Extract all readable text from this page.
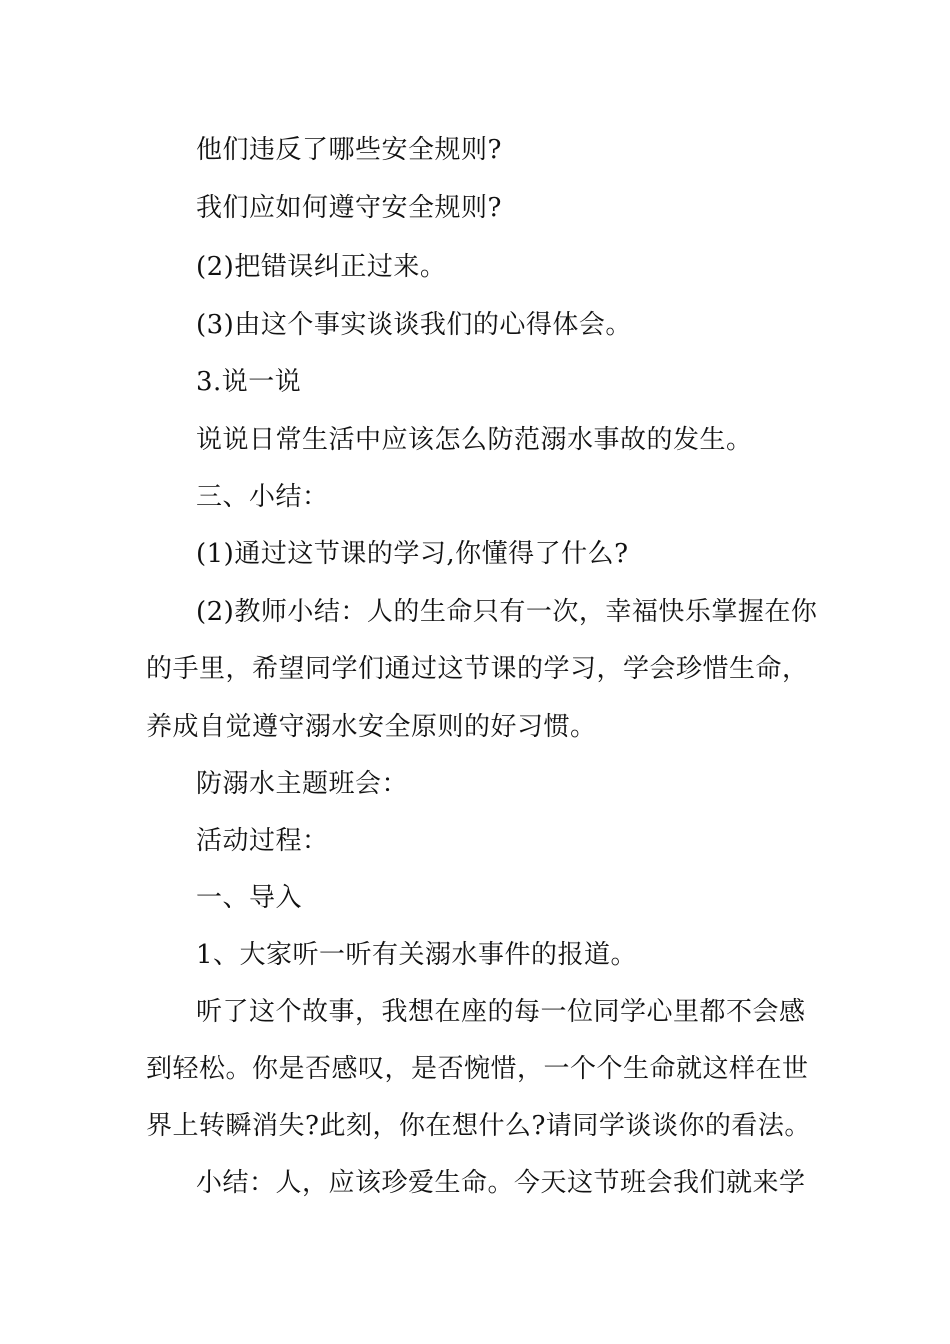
他们违反了哪些安全规则?
我们应如何遵守安全规则?
(2)把错误纠正过来。
(3)由这个事实谈谈我们的心得体会。
3.说一说
说说日常生活中应该怎么防范溺水事故的发生。
三、小结：
(1)通过这节课的学习,你懂得了什么?
(2)教师小结：人的生命只有一次，幸福快乐掌握在你
的手里，希望同学们通过这节课的学习，学会珍惜生命，
养成自觉遵守溺水安全原则的好习惯。
防溺水主题班会：
活动过程：
一、导入
1、大家听一听有关溺水事件的报道。
听了这个故事，我想在座的每一位同学心里都不会感
到轻松。你是否感叹，是否惋惜，一个个生命就这样在世
界上转瞬消失?此刻，你在想什么?请同学谈谈你的看法。
小结：人，应该珍爱生命。今天这节班会我们就来学
